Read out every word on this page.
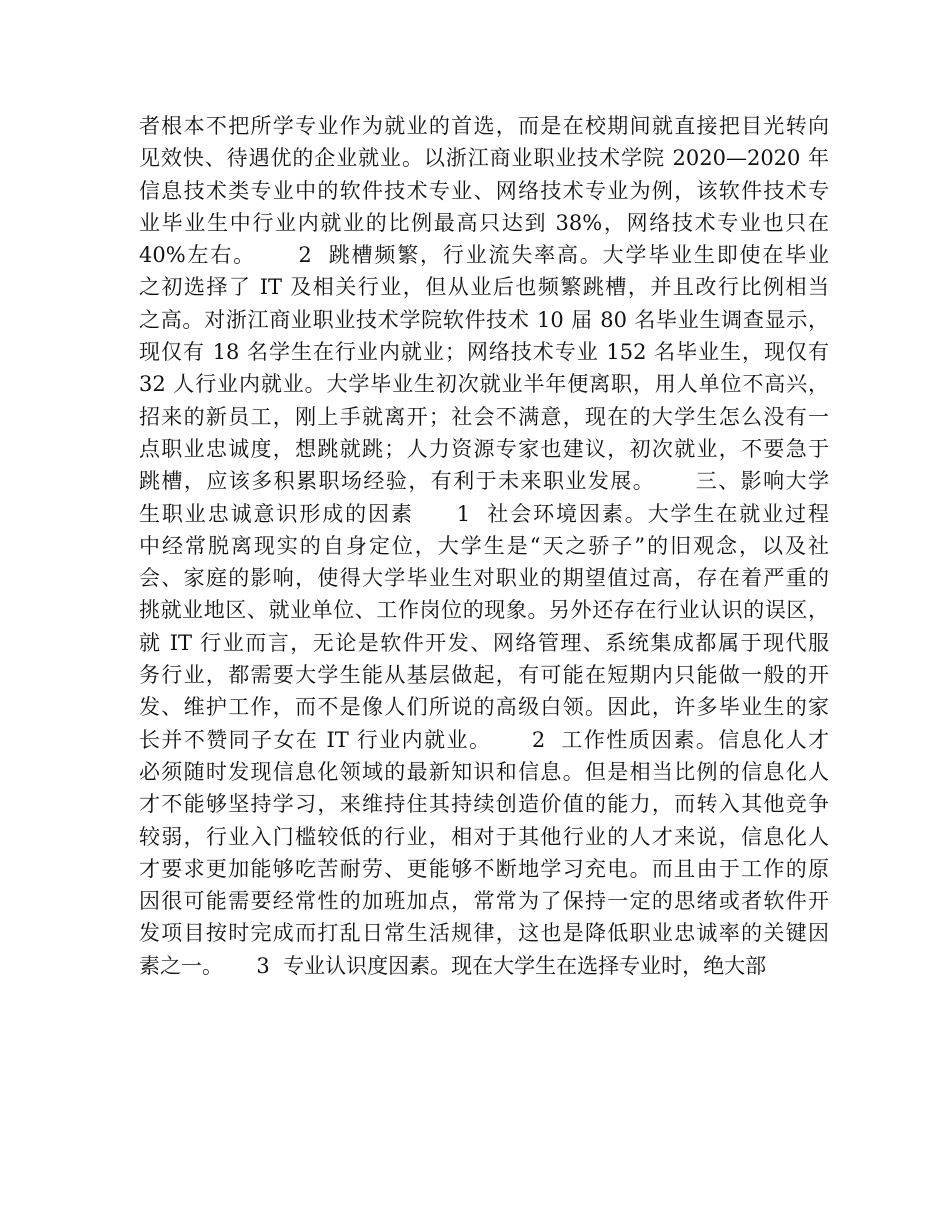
者根本不把所学专业作为就业的首选，而是在校期间就直接把目光转向
见效快、待遇优的企业就业。以浙江商业职业技术学院 2020—2020 年
信息技术类专业中的软件技术专业、网络技术专业为例，该软件技术专
业毕业生中行业内就业的比例最高只达到 38%，网络技术专业也只在
40%左右。     2  跳槽频繁，行业流失率高。大学毕业生即使在毕业
之初选择了 IT 及相关行业，但从业后也频繁跳槽，并且改行比例相当
之高。对浙江商业职业技术学院软件技术 10 届 80 名毕业生调查显示，
现仅有 18 名学生在行业内就业；网络技术专业 152 名毕业生，现仅有
32 人行业内就业。大学毕业生初次就业半年便离职，用人单位不高兴，
招来的新员工，刚上手就离开；社会不满意，现在的大学生怎么没有一
点职业忠诚度，想跳就跳；人力资源专家也建议，初次就业，不要急于
跳槽，应该多积累职场经验，有利于未来职业发展。     三、影响大学
生职业忠诚意识形成的因素     1  社会环境因素。大学生在就业过程
中经常脱离现实的自身定位，大学生是“天之骄子”的旧观念，以及社
会、家庭的影响，使得大学毕业生对职业的期望值过高，存在着严重的
挑就业地区、就业单位、工作岗位的现象。另外还存在行业认识的误区，
就 IT 行业而言，无论是软件开发、网络管理、系统集成都属于现代服
务行业，都需要大学生能从基层做起，有可能在短期内只能做一般的开
发、维护工作，而不是像人们所说的高级白领。因此，许多毕业生的家
长并不赞同子女在 IT 行业内就业。     2  工作性质因素。信息化人才
必须随时发现信息化领域的最新知识和信息。但是相当比例的信息化人
才不能够坚持学习，来维持住其持续创造价值的能力，而转入其他竞争
较弱，行业入门槛较低的行业，相对于其他行业的人才来说，信息化人
才要求更加能够吃苦耐劳、更能够不断地学习充电。而且由于工作的原
因很可能需要经常性的加班加点，常常为了保持一定的思绪或者软件开
发项目按时完成而打乱日常生活规律，这也是降低职业忠诚率的关键因
素之一。     3  专业认识度因素。现在大学生在选择专业时，绝大部
